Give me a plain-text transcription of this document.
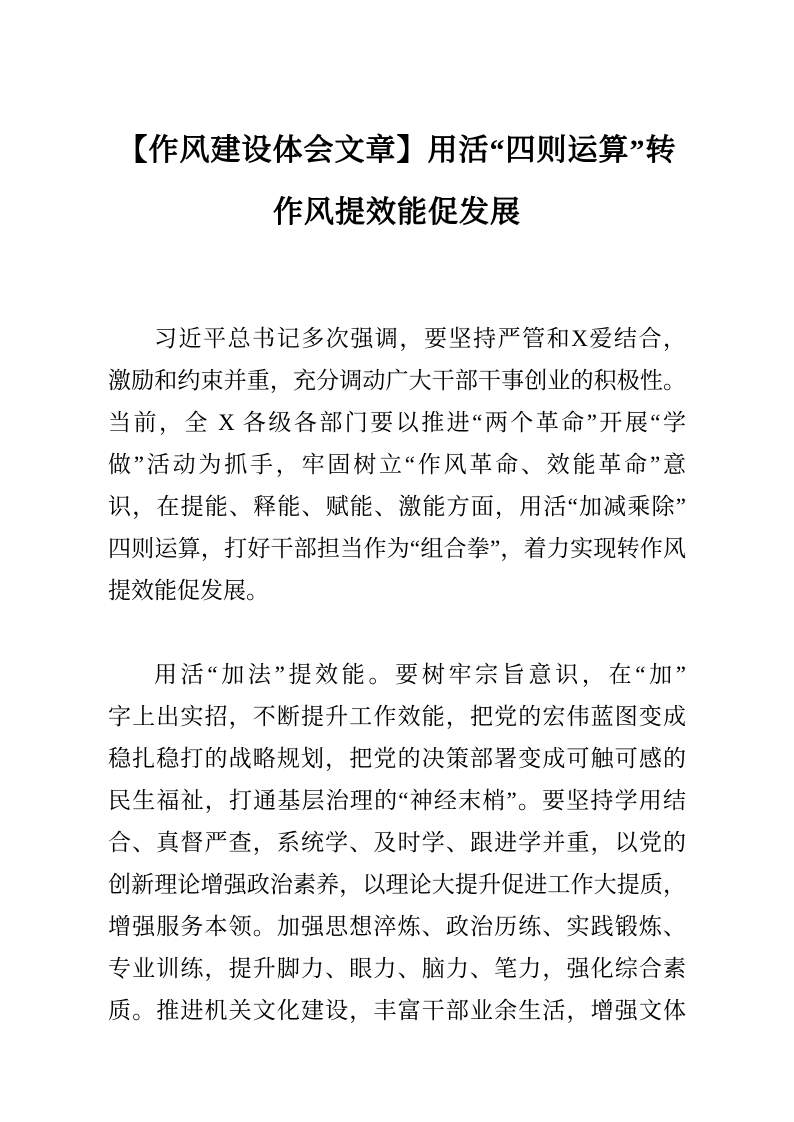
【作风建设体会文章】用活“四则运算”转
作风提效能促发展
习近平总书记多次强调，要坚持严管和X爱结合，
激励和约束并重，充分调动广大干部干事创业的积极性。
当前，全 X 各级各部门要以推进“两个革命”开展“学
做”活动为抓手，牢固树立“作风革命、效能革命”意
识，在提能、释能、赋能、激能方面，用活“加减乘除”
四则运算，打好干部担当作为“组合拳”，着力实现转作风
提效能促发展。
用活“加法”提效能。要树牢宗旨意识，在“加”
字上出实招，不断提升工作效能，把党的宏伟蓝图变成
稳扎稳打的战略规划，把党的决策部署变成可触可感的
民生福祉，打通基层治理的“神经末梢”。要坚持学用结
合、真督严查，系统学、及时学、跟进学并重，以党的
创新理论增强政治素养，以理论大提升促进工作大提质，
增强服务本领。加强思想淬炼、政治历练、实践锻炼、
专业训练，提升脚力、眼力、脑力、笔力，强化综合素
质。推进机关文化建设，丰富干部业余生活，增强文体
